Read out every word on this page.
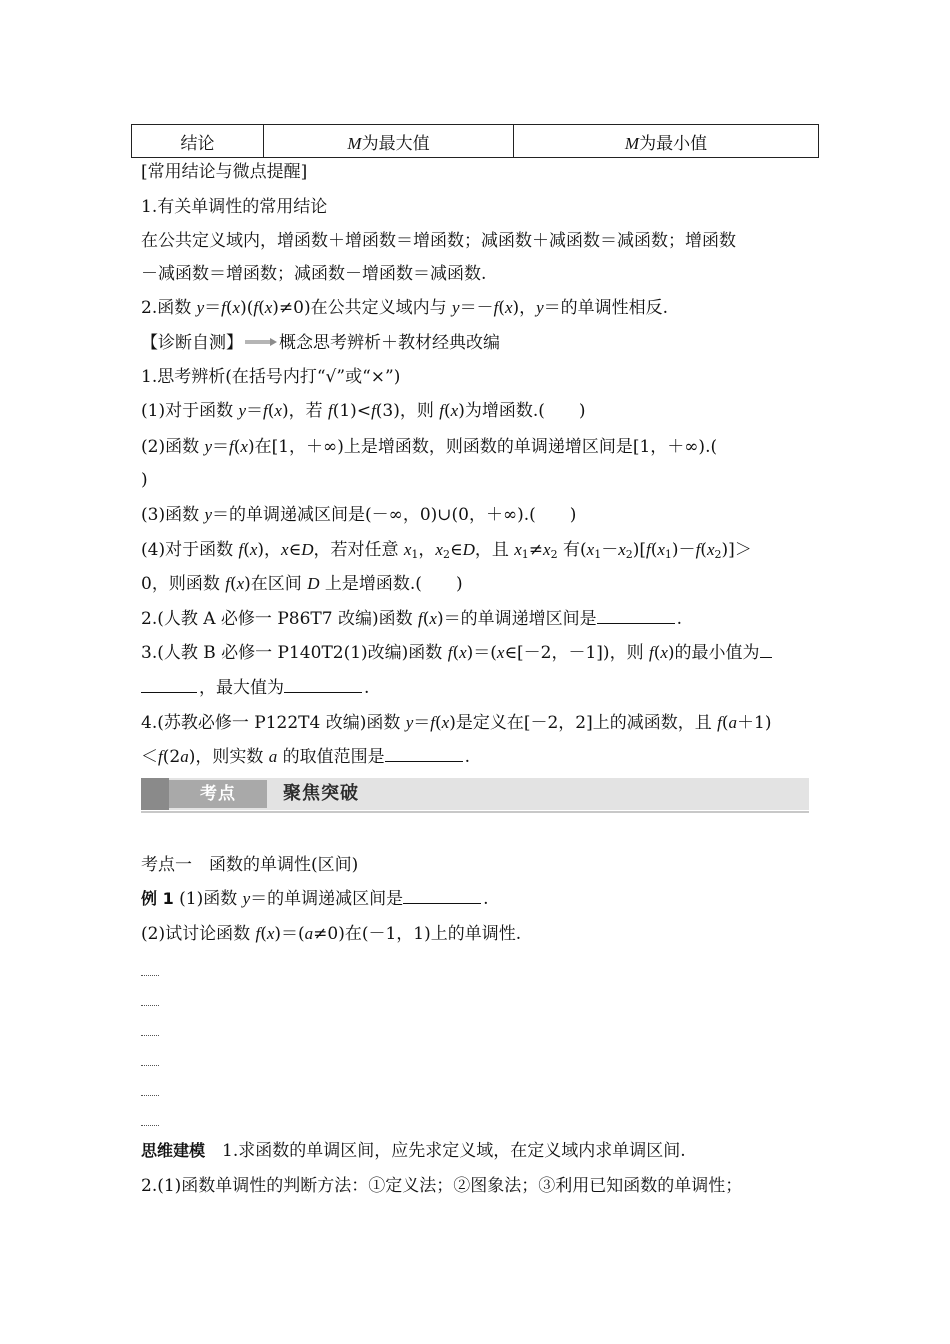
结论	M为最大值	M为最小值
[常用结论与微点提醒]
1.有关单调性的常用结论
在公共定义域内，增函数＋增函数＝增函数；减函数＋减函数＝减函数；增函数
－减函数＝增函数；减函数－增函数＝减函数.
2.函数 y＝f(x)(f(x)≠0)在公共定义域内与 y＝－f(x)，y＝的单调性相反.
【诊断自测】 概念思考辨析＋教材经典改编
1.思考辨析(在括号内打“√”或“×”)
(1)对于函数 y＝f(x)，若 f(1)<f(3)，则 f(x)为增函数.( )
(2)函数 y＝f(x)在[1，＋∞)上是增函数，则函数的单调递增区间是[1，＋∞).(
)
(3)函数 y＝的单调递减区间是(－∞，0)∪(0，＋∞).( )
(4)对于函数 f(x)，x∈D，若对任意 $x_1$，$x_2\in D$，且 $x_1\ne x_2$ 有$(x_1-x_2)[f(x_1)-f(x_2)]>$
0，则函数 f(x)在区间 D 上是增函数.( )
2.(人教 A 必修一 P86T7 改编)函数 f(x)＝的单调递增区间是	.
3.(人教 B 必修一 P140T2(1)改编)函数 f(x)＝(x∈[－2，－1])，则 f(x)的最小值为
，最大值为	.
4.(苏教必修一 P122T4 改编)函数 y＝f(x)是定义在[－2，2]上的减函数，且 f(a＋1)
＜f(2a)，则实数 a 的取值范围是	.
考点	聚焦突破
考点一　函数的单调性(区间)
例 1 (1)函数 y＝的单调递减区间是	.
(2)试讨论函数 f(x)＝(a≠0)在(－1，1)上的单调性.
思维建模　1.求函数的单调区间，应先求定义域，在定义域内求单调区间.
2.(1)函数单调性的判断方法：①定义法；②图象法；③利用已知函数的单调性；
